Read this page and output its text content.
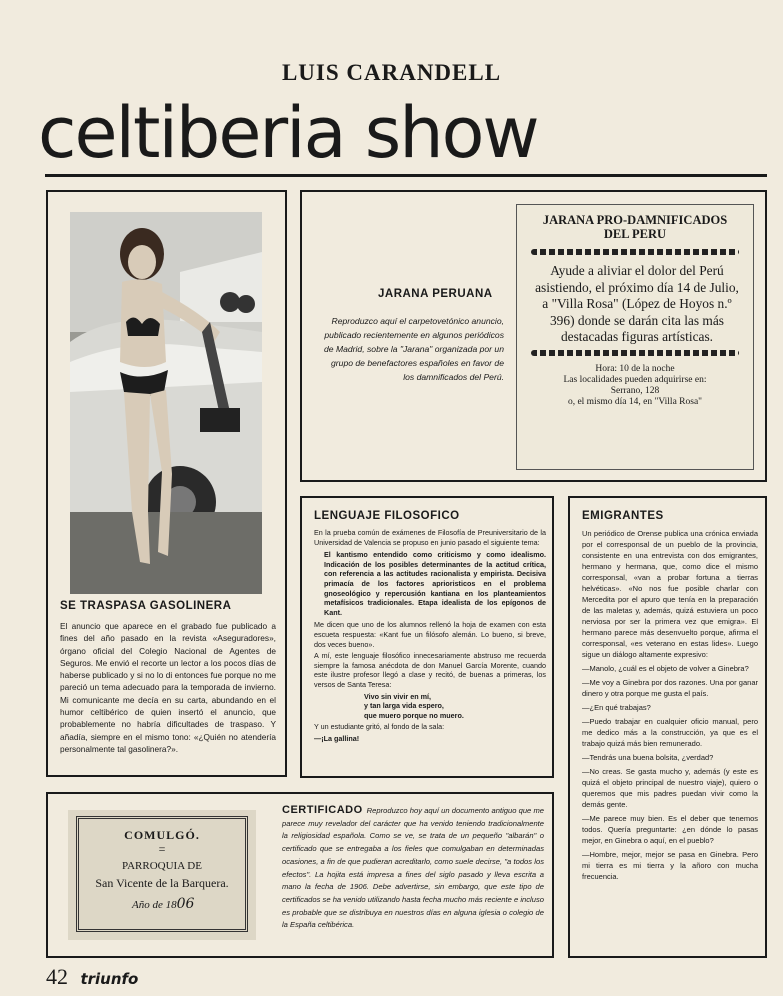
LUIS CARANDELL
celtiberia show
SE TRASPASA GASOLINERA

El anuncio que aparece en el grabado fue publicado a fines del año pasado en la revista «Aseguradores», órgano oficial del Colegio Nacional de Agentes de Seguros. Me envió el recorte un lector a los pocos días de haberse publicado y si no lo di entonces fue porque no me pareció un tema adecuado para la temporada de invierno. Mi comunicante me decía en su carta, abundando en el humor celtibérico de quien insertó el anuncio, que probablemente no habría dificultades de traspaso. Y añadía, siempre en el mismo tono: «¿Quién no atendería personalmente tal gasolinera?».

JARANA PERUANA

Reproduzco aquí el carpetovetónico anuncio, publicado recientemente en algunos periódicos de Madrid, sobre la "Jarana" organizada por un grupo de benefactores españoles en favor de los damnificados del Perú.

JARANA PRO-DAMNIFICADOS DEL PERU
Ayude a aliviar el dolor del Perú asistiendo, el próximo día 14 de Julio, a "Villa Rosa" (López de Hoyos n.º 396) donde se darán cita las más destacadas figuras artísticas.
Hora: 10 de la noche
Las localidades pueden adquirirse en:
Serrano, 128
o, el mismo día 14, en "Villa Rosa"
LENGUAJE FILOSOFICO

En la prueba común de exámenes de Filosofía de Preuniversitario de la Universidad de Valencia se propuso en junio pasado el siguiente tema:

El kantismo entendido como criticismo y como idealismo. Indicación de los posibles determinantes de la actitud crítica, con referencia a las actitudes racionalista y empirista. Decisiva primacía de los factores aprioristicos en el problema gnoseológico y repercusión kantiana en los planteamientos metafísicos tradicionales. Etapa idealista de los epígonos de Kant.

Me dicen que uno de los alumnos rellenó la hoja de examen con esta escueta respuesta: «Kant fue un filósofo alemán. Lo bueno, si breve, dos veces bueno».

A mí, este lenguaje filosófico innecesariamente abstruso me recuerda siempre la famosa anécdota de don Manuel García Morente, cuando este ilustre profesor llegó a clase y recitó, de buenas a primeras, los versos de Santa Teresa:

Vivo sin vivir en mí,

y tan larga vida espero,

que muero porque no muero.

Y un estudiante gritó, al fondo de la sala:

—¡La gallina!

EMIGRANTES

Un periódico de Orense publica una crónica enviada por el corresponsal de un pueblo de la provincia, consistente en una entrevista con dos emigrantes, hermano y hermana, que, como dice el mismo corresponsal, «van a probar fortuna a tierras helvéticas». «No nos fue posible charlar con Mercedita por el apuro que tenía en la preparación de las maletas y, además, quizá estuviera un poco nerviosa por ser la primera vez que emigra». El hermano parece más desenvuelto porque, afirma el corresponsal, «es veterano en estas lides». Luego sigue un diálogo altamente expresivo:

—Manolo, ¿cuál es el objeto de volver a Ginebra?

—Me voy a Ginebra por dos razones. Una por ganar dinero y otra porque me gusta el país.

—¿En qué trabajas?

—Puedo trabajar en cualquier oficio manual, pero me dedico más a la construcción, ya que es el trabajo quizá más bien remunerado.

—Tendrás una buena bolsita, ¿verdad?

—No creas. Se gasta mucho y, además (y este es quizá el objeto principal de nuestro viaje), quiero o queremos que mis padres puedan vivir como la demás gente.

—Me parece muy bien. Es el deber que tenemos todos. Quería preguntarte: ¿en dónde lo pasas mejor, en Ginebra o aquí, en el pueblo?

—Hombre, mejor, mejor se pasa en Ginebra. Pero mi tierra es mi tierra y la añoro con mucha frecuencia.

COMULGÓ.
=
PARROQUIA DE
San Vicente de la Barquera.
Año de 1806

CERTIFICADO Reproduzco hoy aquí un documento antiguo que me parece muy revelador del carácter que ha venido teniendo tradicionalmente la religiosidad española. Como se ve, se trata de un pequeño "albarán" o certificado que se entregaba a los fieles que comulgaban en determinadas ocasiones, a fin de que pudieran acreditarlo, como suele decirse, "a todos los efectos". La hojita está impresa a fines del siglo pasado y lleva escrita a mano la fecha de 1906. Debe advertirse, sin embargo, que este tipo de certificados se ha venido utilizando hasta fecha mucho más reciente e incluso es probable que se distribuya en nuestros días en alguna iglesia o colegio de la España celtibérica.

42 triunfo
